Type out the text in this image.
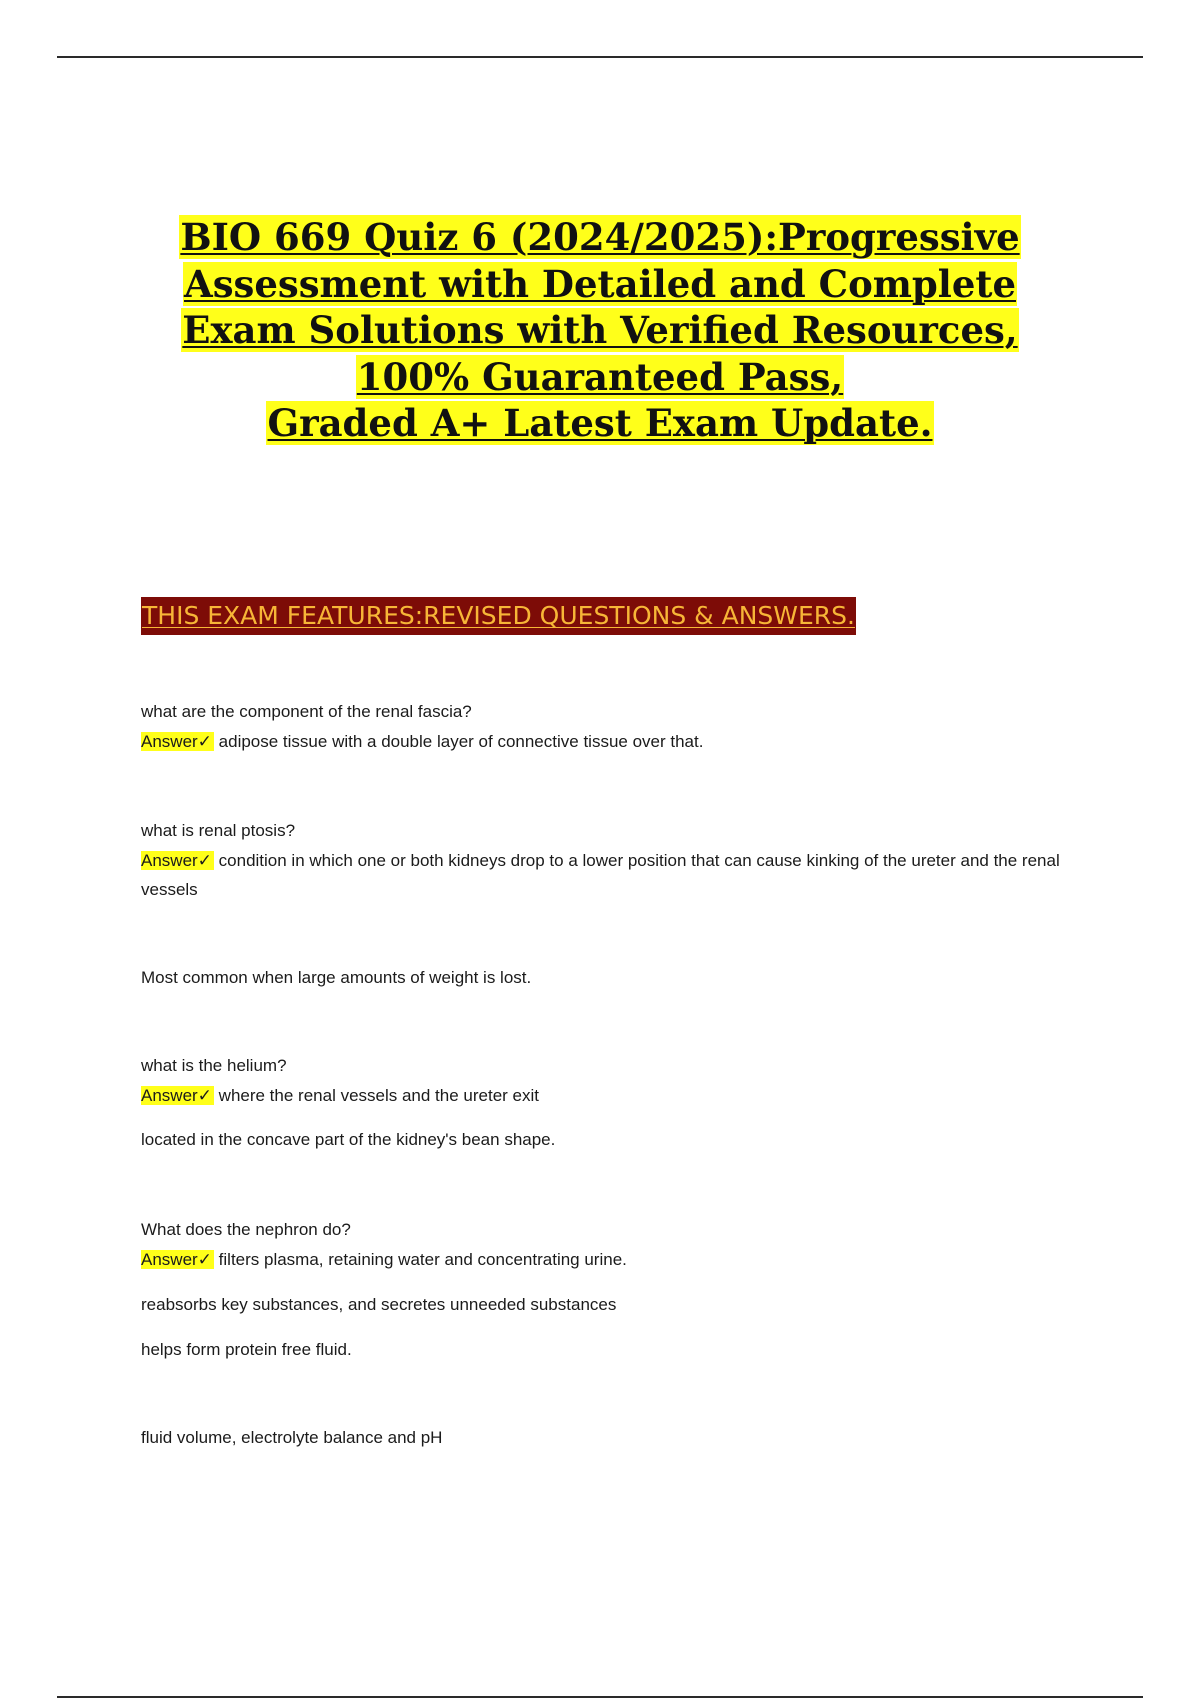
BIO 669 Quiz 6 (2024/2025):Progressive
Assessment with Detailed and Complete
Exam Solutions with Verified Resources,
100% Guaranteed Pass,
Graded A+ Latest Exam Update.
THIS EXAM FEATURES:REVISED QUESTIONS & ANSWERS.
what are the component of the renal fascia?
Answer✓ adipose tissue with a double layer of connective tissue over that.
what is renal ptosis?
Answer✓ condition in which one or both kidneys drop to a lower position that can cause kinking of the ureter and the renal vessels
Most common when large amounts of weight is lost.
what is the helium?
Answer✓ where the renal vessels and the ureter exit
located in the concave part of the kidney's bean shape.
What does the nephron do?
Answer✓ filters plasma, retaining water and concentrating urine.
reabsorbs key substances, and secretes unneeded substances
helps form protein free fluid.
fluid volume, electrolyte balance and pH
